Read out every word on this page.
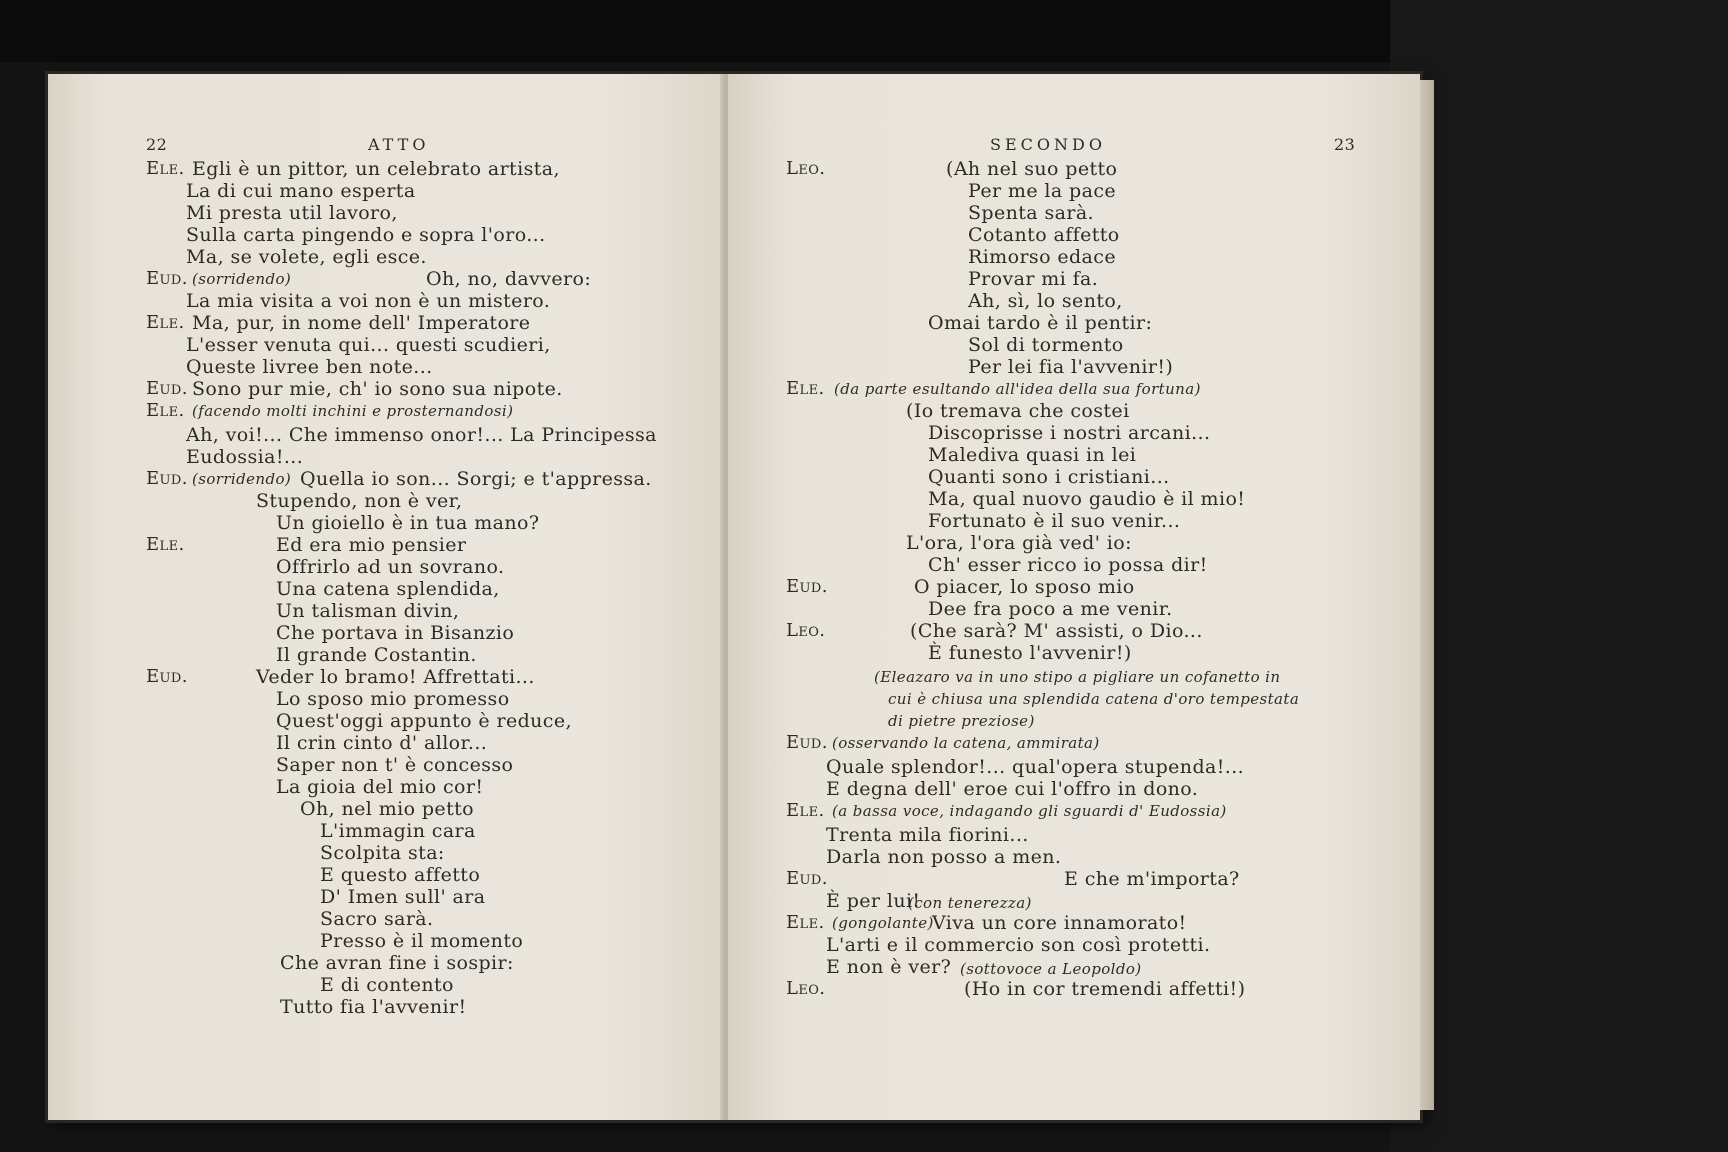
22	ATTO
Ele. Egli è un pittor, un celebrato artista,
La di cui mano esperta
Mi presta util lavoro,
Sulla carta pingendo e sopra l'oro...
Ma, se volete, egli esce.
Eud. (sorridendo)	Oh, no, davvero:
La mia visita a voi non è un mistero.
Ele. Ma, pur, in nome dell' Imperatore
L'esser venuta qui... questi scudieri,
Queste livree ben note...
Eud. Sono pur mie, ch' io sono sua nipote.
Ele. (facendo molti inchini e prosternandosi)
Ah, voi!... Che immenso onor!... La Principessa
Eudossia!...
Eud. (sorridendo) Quella io son... Sorgi; e t'appressa.
Stupendo, non è ver,
Un gioiello è in tua mano?
Ele.	Ed era mio pensier
Offrirlo ad un sovrano.
Una catena splendida,
Un talisman divin,
Che portava in Bisanzio
Il grande Costantin.
Eud.	Veder lo bramo! Affrettati...
Lo sposo mio promesso
Quest'oggi appunto è reduce,
Il crin cinto d' allor...
Saper non t' è concesso
La gioia del mio cor!
Oh, nel mio petto
L'immagin cara
Scolpita sta:
E questo affetto
D' Imen sull' ara
Sacro sarà.
Presso è il momento
Che avran fine i sospir:
E di contento
Tutto fia l'avvenir!
SECONDO	23
Leo.	(Ah nel suo petto
Per me la pace
Spenta sarà.
Cotanto affetto
Rimorso edace
Provar mi fa.
Ah, sì, lo sento,
Omai tardo è il pentir:
Sol di tormento
Per lei fia l'avvenir!)
Ele. (da parte esultando all'idea della sua fortuna)
(Io tremava che costei
Discoprisse i nostri arcani...
Malediva quasi in lei
Quanti sono i cristiani...
Ma, qual nuovo gaudio è il mio!
Fortunato è il suo venir...
L'ora, l'ora già ved' io:
Ch' esser ricco io possa dir!
Eud.	O piacer, lo sposo mio
Dee fra poco a me venir.
Leo.	(Che sarà? M' assisti, o Dio...
È funesto l'avvenir!)
(Eleazaro va in uno stipo a pigliare un cofanetto in
cui è chiusa una splendida catena d'oro tempestata
di pietre preziose)
Eud. (osservando la catena, ammirata)
Quale splendor!... qual'opera stupenda!...
E degna dell' eroe cui l'offro in dono.
Ele. (a bassa voce, indagando gli sguardi d' Eudossia)
Trenta mila fiorini...
Darla non posso a men.
Eud.	E che m'importa?
È per lui!
(con tenerezza)
Ele. (gongolante)
Viva un core innamorato!
L'arti e il commercio son così protetti.
E non è ver? (sottovoce a Leopoldo)
Leo.	(Ho in cor tremendi affetti!)
